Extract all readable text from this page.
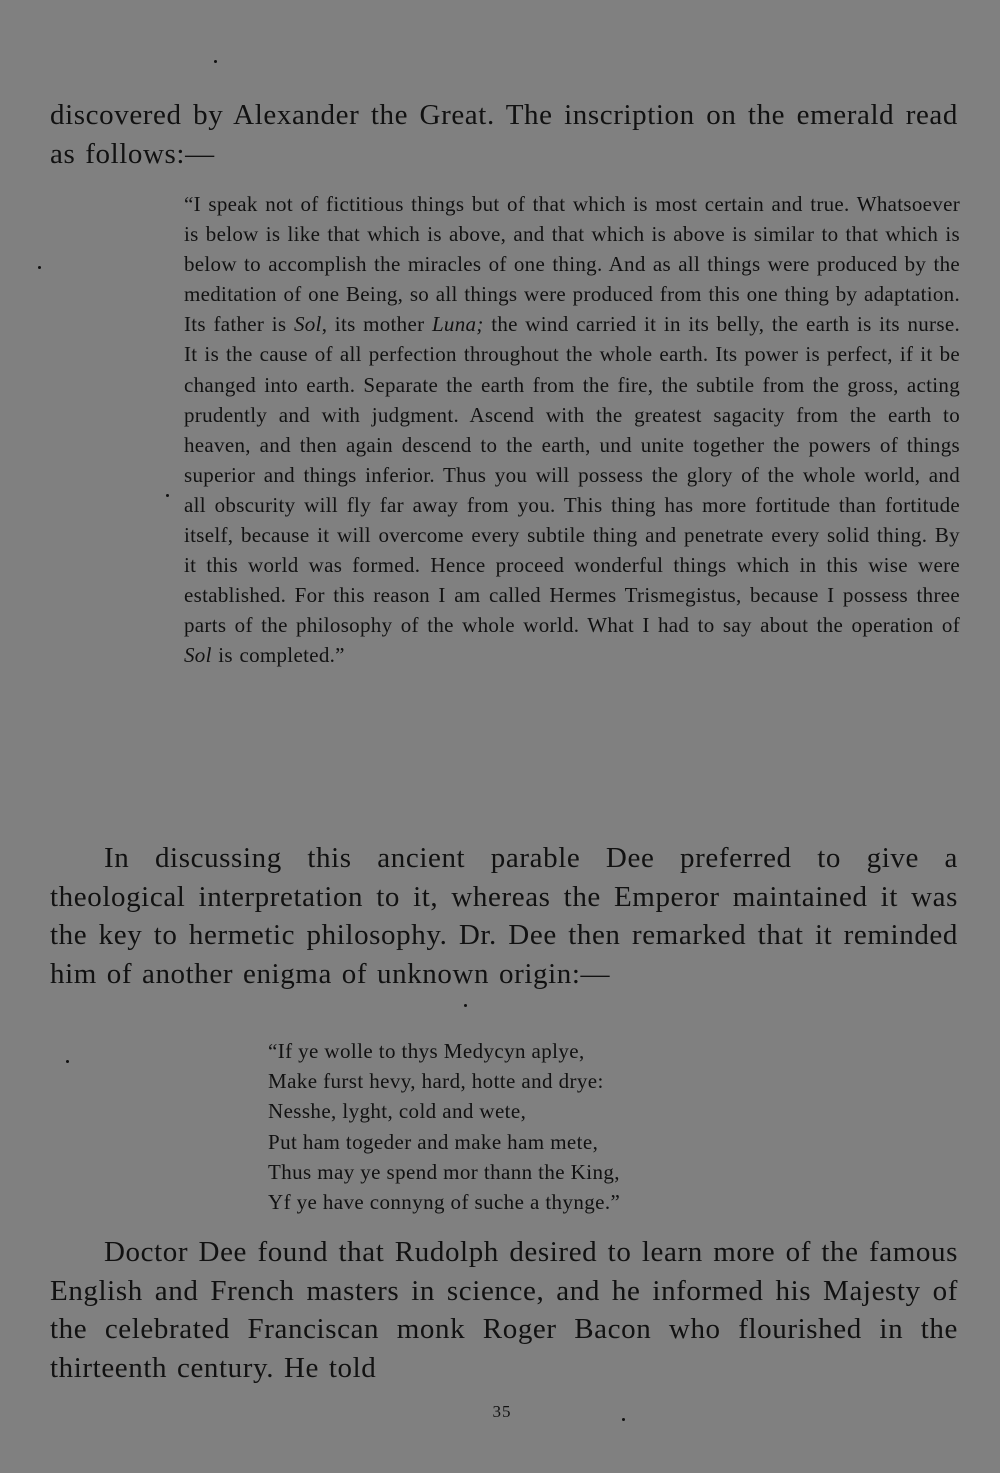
discovered by Alexander the Great. The inscription on the emerald read as follows:—

“I speak not of fictitious things but of that which is most certain and true. Whatsoever is below is like that which is above, and that which is above is similar to that which is below to accomplish the miracles of one thing. And as all things were produced by the meditation of one Being, so all things were produced from this one thing by adaptation. Its father is Sol, its mother Luna; the wind carried it in its belly, the earth is its nurse. It is the cause of all perfection throughout the whole earth. Its power is perfect, if it be changed into earth. Separate the earth from the fire, the subtile from the gross, acting prudently and with judgment. Ascend with the greatest sagacity from the earth to heaven, and then again descend to the earth, und unite together the powers of things superior and things inferior. Thus you will possess the glory of the whole world, and all obscurity will fly far away from you. This thing has more fortitude than fortitude itself, because it will overcome every subtile thing and penetrate every solid thing. By it this world was formed. Hence proceed wonderful things which in this wise were established. For this reason I am called Hermes Trismegistus, because I possess three parts of the philosophy of the whole world. What I had to say about the operation of Sol is completed.”

In discussing this ancient parable Dee preferred to give a theological interpretation to it, whereas the Emperor maintained it was the key to hermetic philosophy. Dr. Dee then remarked that it reminded him of another enigma of unknown origin:—

“If ye wolle to thys Medycyn aplye,
Make furst hevy, hard, hotte and drye:
Nesshe, lyght, cold and wete,
Put ham togeder and make ham mete,
Thus may ye spend mor thann the King,
Yf ye have connyng of suche a thynge.”

Doctor Dee found that Rudolph desired to learn more of the famous English and French masters in science, and he informed his Majesty of the celebrated Franciscan monk Roger Bacon who flourished in the thirteenth century. He told

35
